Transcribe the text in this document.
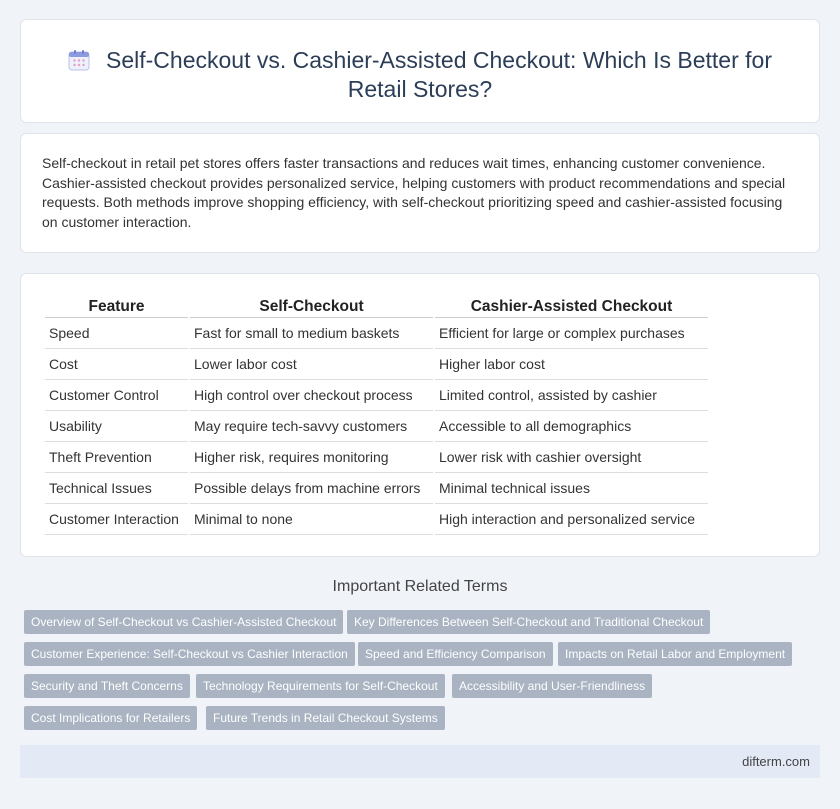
Self-Checkout vs. Cashier-Assisted Checkout: Which Is Better for Retail Stores?

Self-checkout in retail pet stores offers faster transactions and reduces wait times, enhancing customer convenience. Cashier-assisted checkout provides personalized service, helping customers with product recommendations and special requests. Both methods improve shopping efficiency, with self-checkout prioritizing speed and cashier-assisted focusing on customer interaction.

Feature	Self-Checkout	Cashier-Assisted Checkout
Speed	Fast for small to medium baskets	Efficient for large or complex purchases
Cost	Lower labor cost	Higher labor cost
Customer Control	High control over checkout process	Limited control, assisted by cashier
Usability	May require tech-savvy customers	Accessible to all demographics
Theft Prevention	Higher risk, requires monitoring	Lower risk with cashier oversight
Technical Issues	Possible delays from machine errors	Minimal technical issues
Customer Interaction	Minimal to none	High interaction and personalized service
Important Related Terms
Overview of Self-Checkout vs Cashier-Assisted Checkout	Key Differences Between Self-Checkout and Traditional Checkout
Customer Experience: Self-Checkout vs Cashier Interaction	Speed and Efficiency Comparison	Impacts on Retail Labor and Employment
Security and Theft Concerns	Technology Requirements for Self-Checkout	Accessibility and User-Friendliness
Cost Implications for Retailers	Future Trends in Retail Checkout Systems
difterm.com
